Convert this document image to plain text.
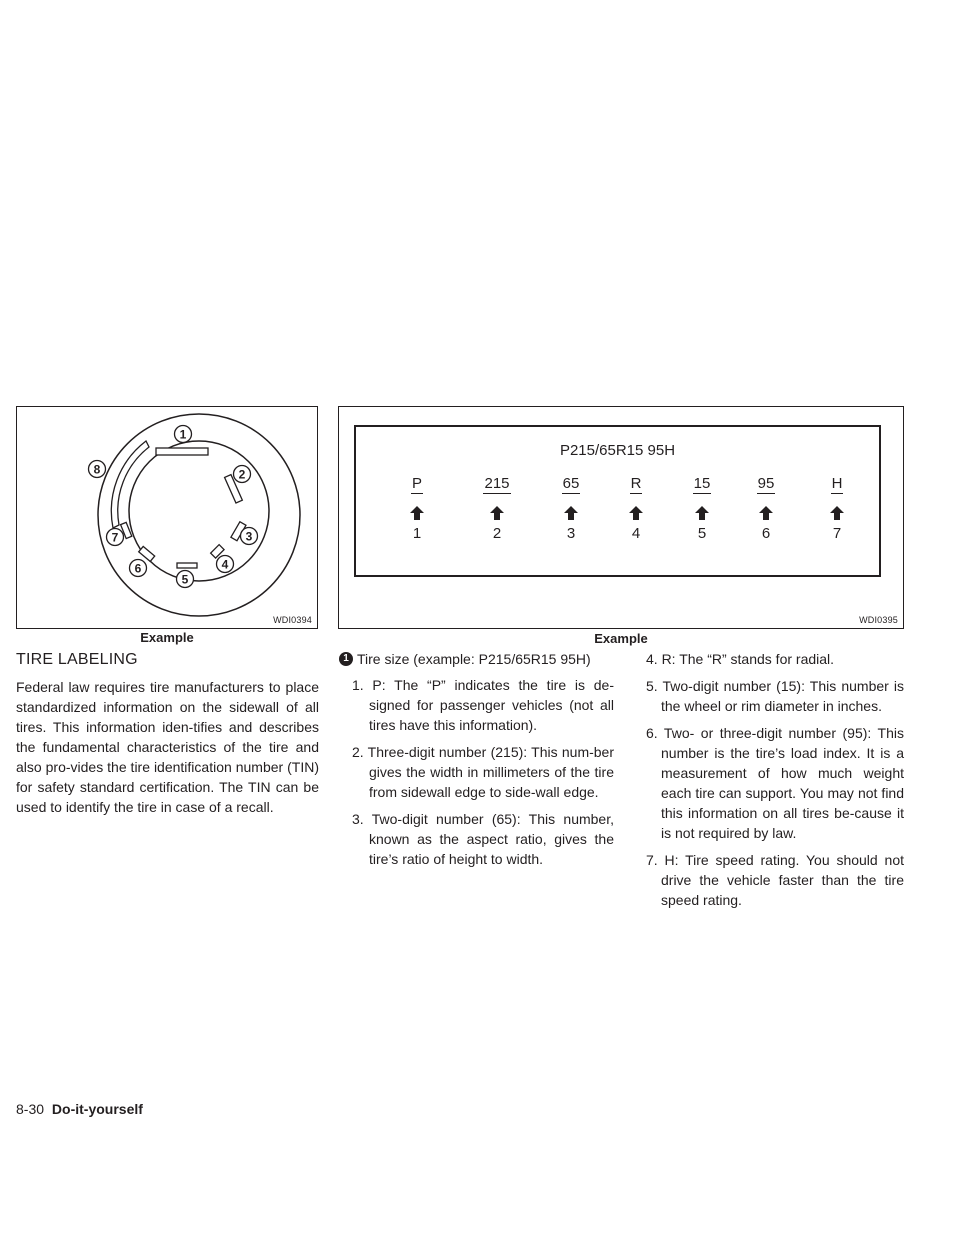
1
2
3
4
5
6
7
8
WDI0394
Example
P215/65R15 95H
P
1
215
2
65
3
R
4
15
5
95
6
H
7
WDI0395
Example
TIRE LABELING

Federal law requires tire manufacturers to place standardized information on the sidewall of all tires. This information iden-tifies and describes the fundamental characteristics of the tire and also pro-vides the tire identification number (TIN) for safety standard certification. The TIN can be used to identify the tire in case of a recall.

1 Tire size (example: P215/65R15 95H)

1. P: The “P” indicates the tire is de-signed for passenger vehicles (not all tires have this information).

2. Three-digit number (215): This num-ber gives the width in millimeters of the tire from sidewall edge to side-wall edge.

3. Two-digit number (65): This number, known as the aspect ratio, gives the tire’s ratio of height to width.

4. R: The “R” stands for radial.

5. Two-digit number (15): This number is the wheel or rim diameter in inches.

6. Two- or three-digit number (95): This number is the tire’s load index. It is a measurement of how much weight each tire can support. You may not find this information on all tires be-cause it is not required by law.

7. H: Tire speed rating. You should not drive the vehicle faster than the tire speed rating.

8-30 Do-it-yourself
